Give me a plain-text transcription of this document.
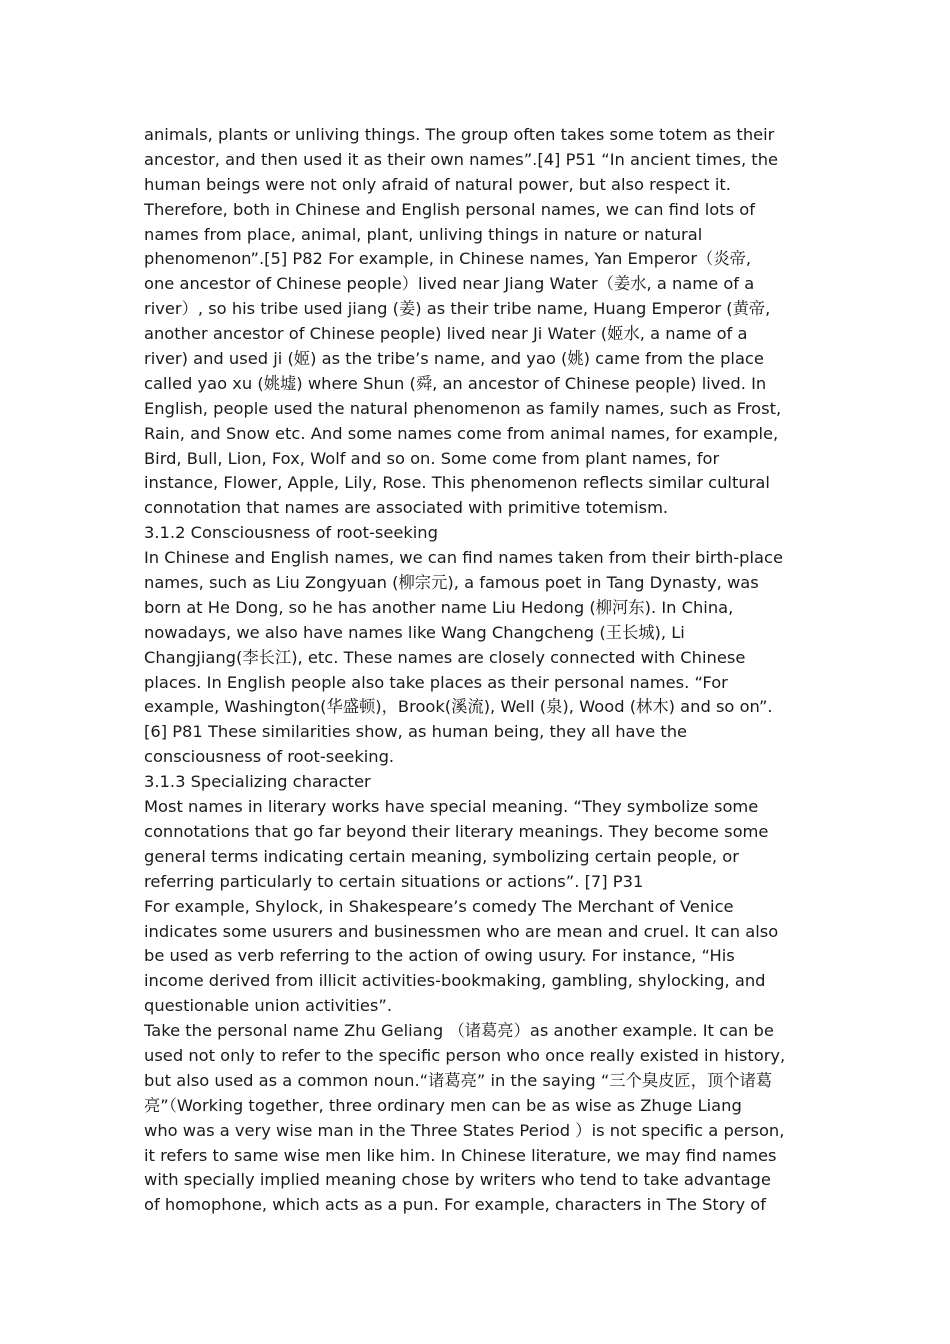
animals, plants or unliving things. The group often takes some totem as their
ancestor, and then used it as their own names”.[4] P51 “In ancient times, the
human beings were not only afraid of natural power, but also respect it.
Therefore, both in Chinese and English personal names, we can find lots of
names from place, animal, plant, unliving things in nature or natural
phenomenon”.[5] P82 For example, in Chinese names, Yan Emperor（炎帝,
one ancestor of Chinese people）lived near Jiang Water（姜水, a name of a
river）, so his tribe used jiang (姜) as their tribe name, Huang Emperor (黄帝,
another ancestor of Chinese people) lived near Ji Water (姬水, a name of a
river) and used ji (姬) as the tribe’s name, and yao (姚) came from the place
called yao xu (姚墟) where Shun (舜, an ancestor of Chinese people) lived. In
English, people used the natural phenomenon as family names, such as Frost,
Rain, and Snow etc. And some names come from animal names, for example,
Bird, Bull, Lion, Fox, Wolf and so on. Some come from plant names, for
instance, Flower, Apple, Lily, Rose. This phenomenon reflects similar cultural
connotation that names are associated with primitive totemism.
3.1.2 Consciousness of root-seeking
In Chinese and English names, we can find names taken from their birth-place
names, such as Liu Zongyuan (柳宗元), a famous poet in Tang Dynasty, was
born at He Dong, so he has another name Liu Hedong (柳河东). In China,
nowadays, we also have names like Wang Changcheng (王长城), Li
Changjiang(李长江), etc. These names are closely connected with Chinese
places. In English people also take places as their personal names. “For
example, Washington(华盛顿)，Brook(溪流), Well (泉), Wood (林木) and so on”.
[6] P81 These similarities show, as human being, they all have the
consciousness of root-seeking.
3.1.3 Specializing character
Most names in literary works have special meaning. “They symbolize some
connotations that go far beyond their literary meanings. They become some
general terms indicating certain meaning, symbolizing certain people, or
referring particularly to certain situations or actions”. [7] P31
For example, Shylock, in Shakespeare’s comedy The Merchant of Venice
indicates some usurers and businessmen who are mean and cruel. It can also
be used as verb referring to the action of owing usury. For instance, “His
income derived from illicit activities-bookmaking, gambling, shylocking, and
questionable union activities”.
Take the personal name Zhu Geliang （诸葛亮）as another example. It can be
used not only to refer to the specific person who once really existed in history,
but also used as a common noun.“诸葛亮” in the saying “三个臭皮匠，顶个诸葛
亮”（Working together, three ordinary men can be as wise as Zhuge Liang
who was a very wise man in the Three States Period ）is not specific a person,
it refers to same wise men like him. In Chinese literature, we may find names
with specially implied meaning chose by writers who tend to take advantage
of homophone, which acts as a pun. For example, characters in The Story of
